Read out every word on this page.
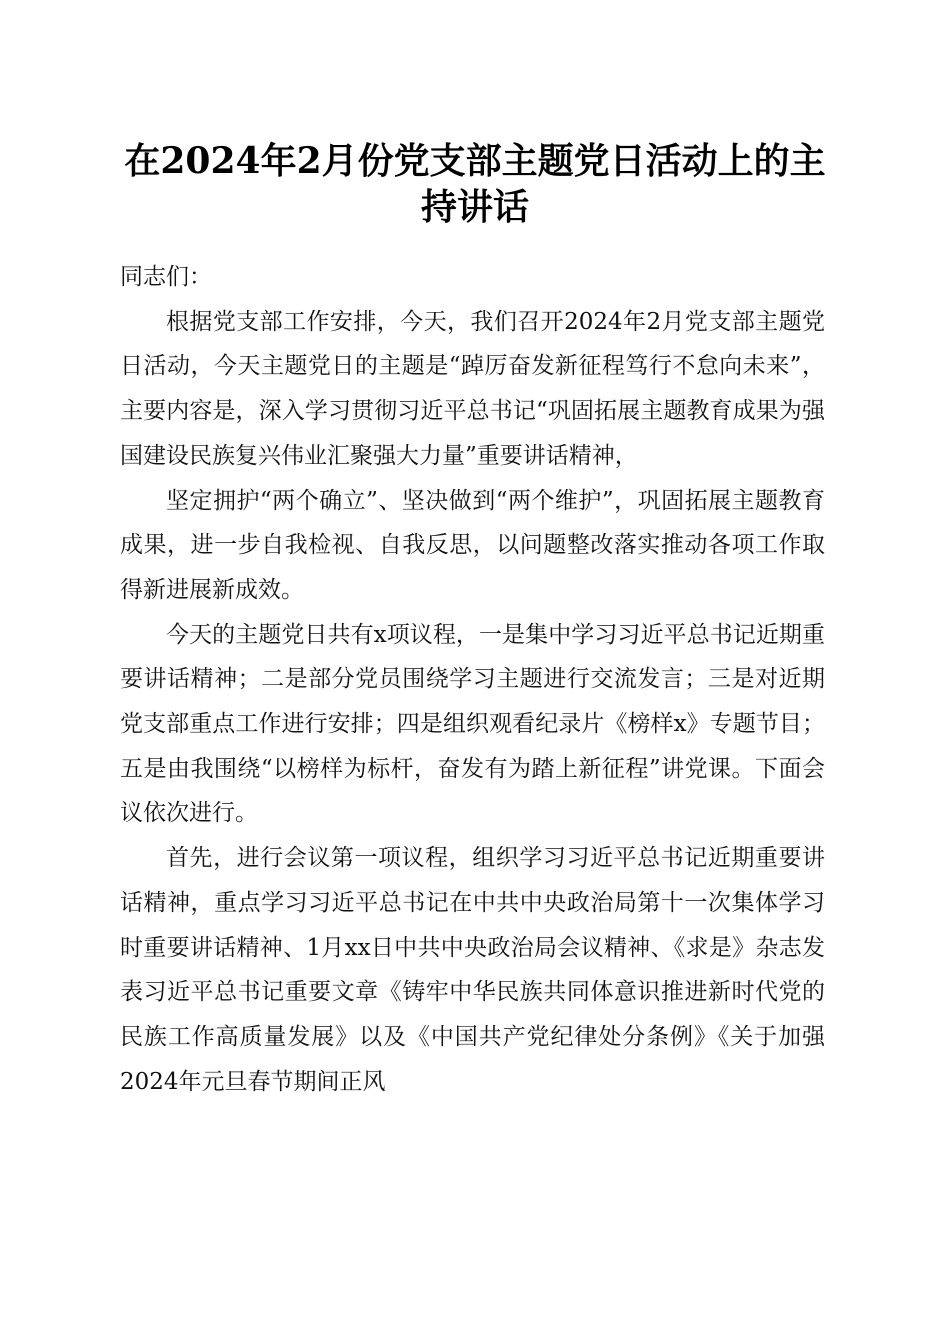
在2024年2月份党支部主题党日活动上的主持讲话

同志们：

根据党支部工作安排，今天，我们召开2024年2月党支部主题党日活动，今天主题党日的主题是“踔厉奋发新征程笃行不怠向未来”，主要内容是，深入学习贯彻习近平总书记“巩固拓展主题教育成果为强国建设民族复兴伟业汇聚强大力量”重要讲话精神，

坚定拥护“两个确立”、坚决做到“两个维护”，巩固拓展主题教育成果，进一步自我检视、自我反思，以问题整改落实推动各项工作取得新进展新成效。

今天的主题党日共有x项议程，一是集中学习习近平总书记近期重要讲话精神；二是部分党员围绕学习主题进行交流发言；三是对近期党支部重点工作进行安排；四是组织观看纪录片《榜样x》专题节目；五是由我围绕“以榜样为标杆，奋发有为踏上新征程”讲党课。下面会议依次进行。

首先，进行会议第一项议程，组织学习习近平总书记近期重要讲话精神，重点学习习近平总书记在中共中央政治局第十一次集体学习时重要讲话精神、1月xx日中共中央政治局会议精神、《求是》杂志发表习近平总书记重要文章《铸牢中华民族共同体意识推进新时代党的民族工作高质量发展》以及《中国共产党纪律处分条例》《关于加强2024年元旦春节期间正风
